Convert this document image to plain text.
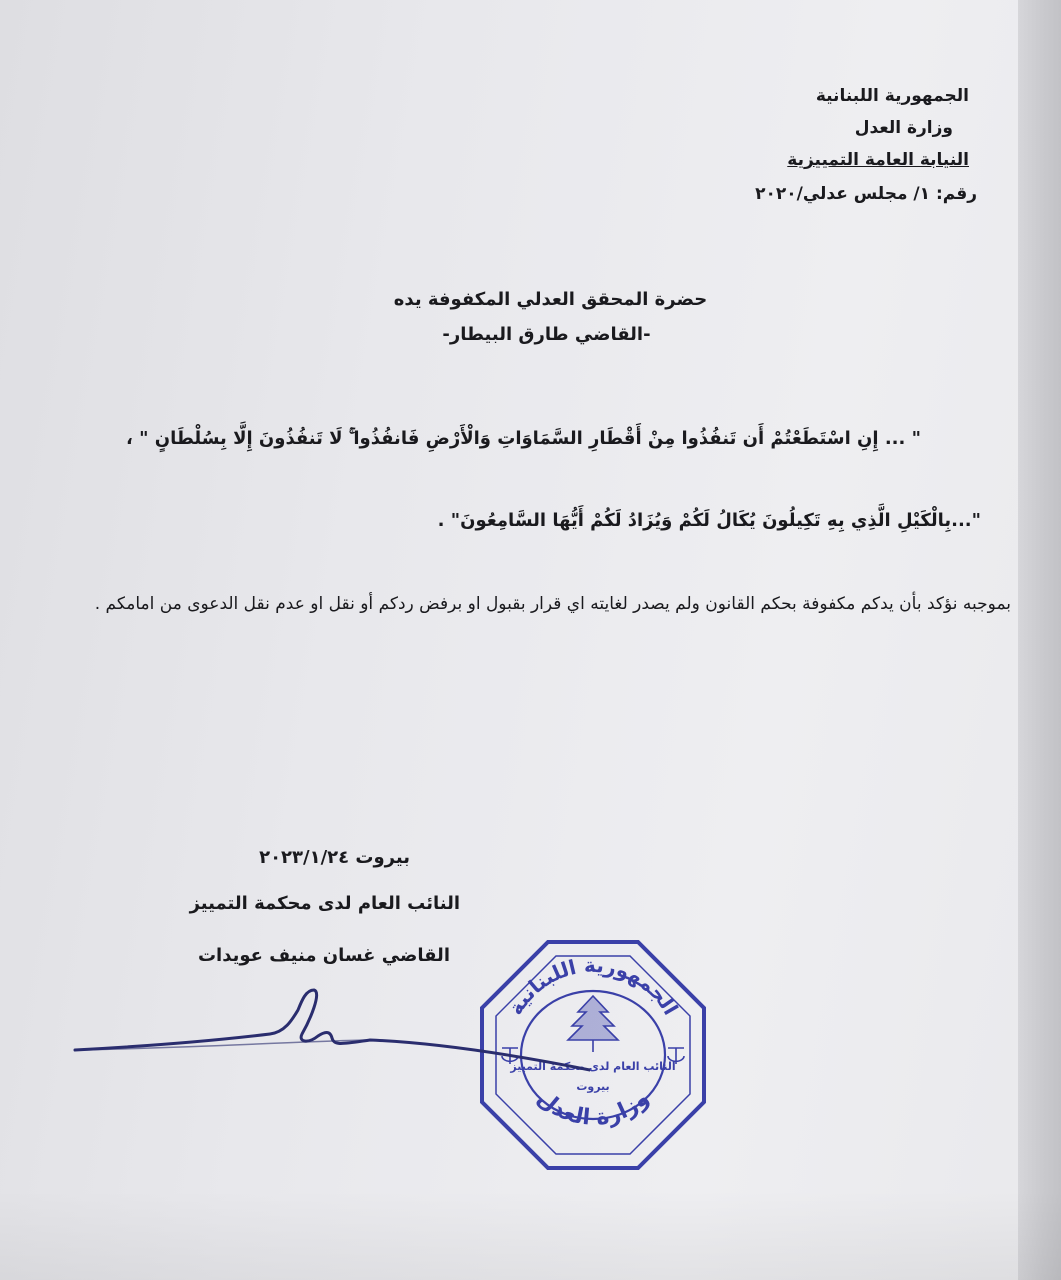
الجمهورية اللبنانية
وزارة العدل
النيابة العامة التمييزية
رقم: ١/ مجلس عدلي/٢٠٢٠
حضرة المحقق العدلي المكفوفة يده
-القاضي طارق البيطار-
" ... إِنِ اسْتَطَعْتُمْ أَن تَنفُذُوا مِنْ أَقْطَارِ السَّمَاوَاتِ وَالْأَرْضِ فَانفُذُوا ۚ لَا تَنفُذُونَ إِلَّا بِسُلْطَانٍ " ،
"...بِالْكَيْلِ الَّذِي بِهِ تَكِيلُونَ يُكَالُ لَكُمْ وَيُزَادُ لَكُمْ أَيُّهَا السَّامِعُونَ" .
بموجبه نؤكد بأن يدكم مكفوفة بحكم القانون ولم يصدر لغايته اي قرار بقبول او برفض ردكم أو نقل او عدم نقل الدعوى من امامكم .
بيروت ٢٠٢٣/١/٢٤
النائب العام لدى محكمة التمييز
القاضي غسان منيف عويدات
الجمهورية اللبنانية
وزارة العدل
النائب العام لدى محكمة التمييز
بيروت
